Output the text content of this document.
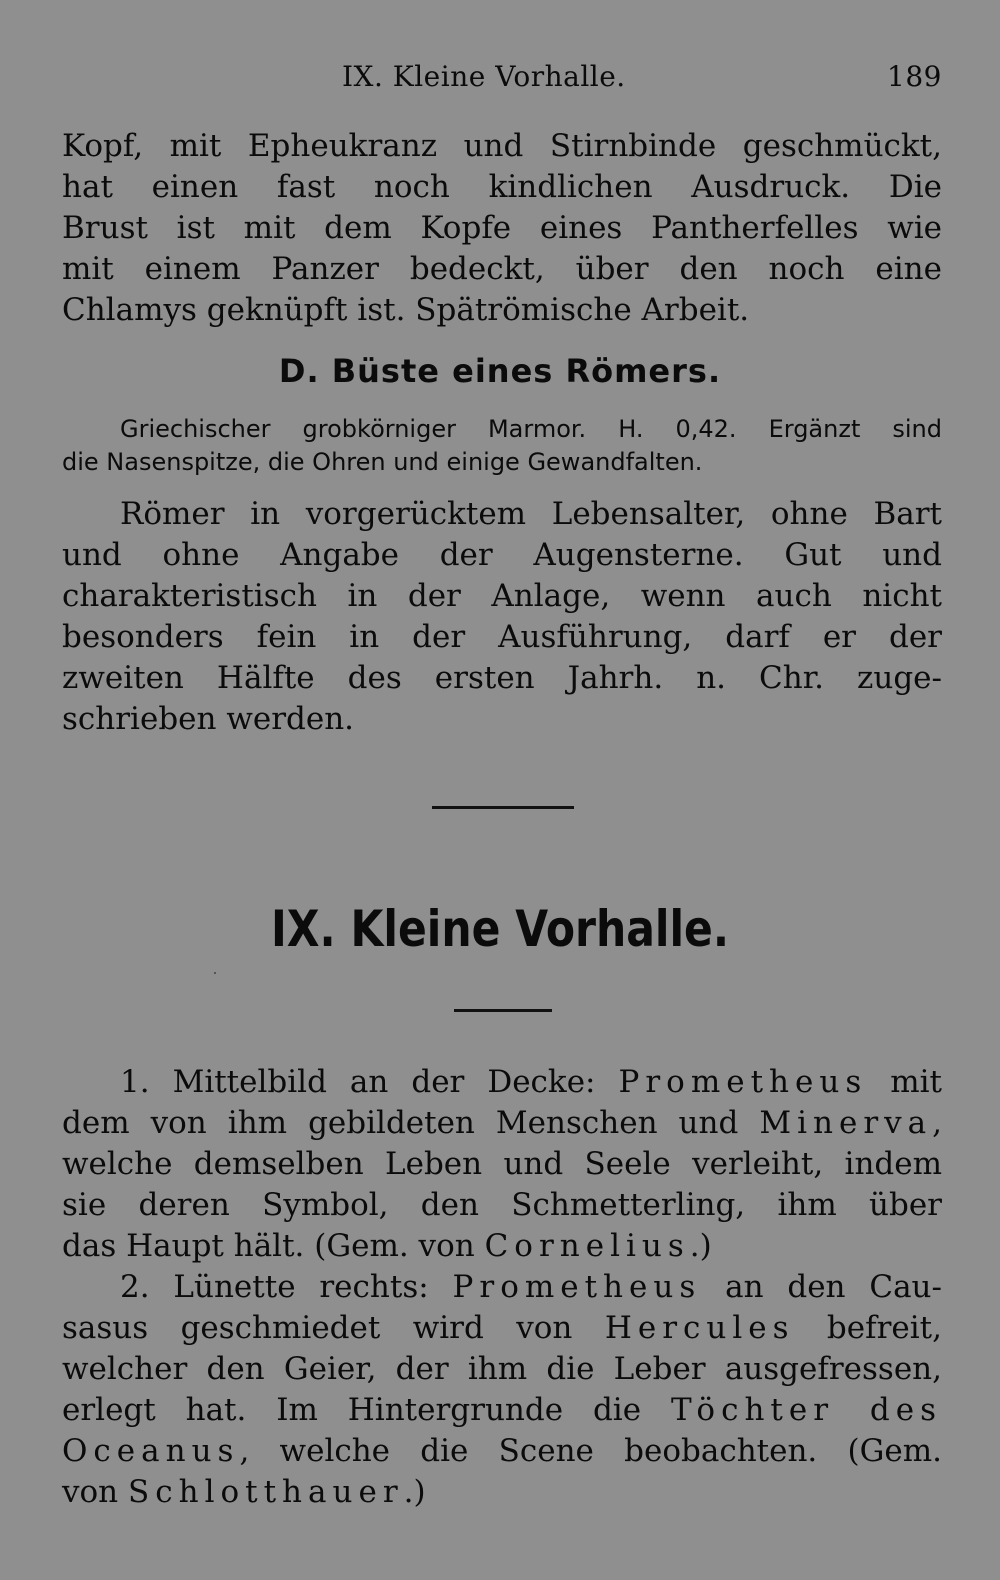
IX. Kleine Vorhalle.	189
Kopf, mit Epheukranz und Stirnbinde geschmückt,
hat einen fast noch kindlichen Ausdruck. Die
Brust ist mit dem Kopfe eines Pantherfelles wie
mit einem Panzer bedeckt, über den noch eine
Chlamys geknüpft ist. Spätrömische Arbeit.
D. Büste eines Römers.
Griechischer grobkörniger Marmor. H. 0,42. Ergänzt sind
die Nasenspitze, die Ohren und einige Gewandfalten.
Römer in vorgerücktem Lebensalter, ohne Bart
und ohne Angabe der Augensterne. Gut und
charakteristisch in der Anlage, wenn auch nicht
besonders fein in der Ausführung, darf er der
zweiten Hälfte des ersten Jahrh. n. Chr. zuge-
schrieben werden.
IX. Kleine Vorhalle.
1. Mittelbild an der Decke: Prometheus mit
dem von ihm gebildeten Menschen und Minerva,
welche demselben Leben und Seele verleiht, indem
sie deren Symbol, den Schmetterling, ihm über
das Haupt hält. (Gem. von Cornelius.)
2. Lünette rechts: Prometheus an den Cau-
sasus geschmiedet wird von Hercules befreit,
welcher den Geier, der ihm die Leber ausgefressen,
erlegt hat. Im Hintergrunde die Töchter des
Oceanus, welche die Scene beobachten. (Gem.
von Schlotthauer.)
